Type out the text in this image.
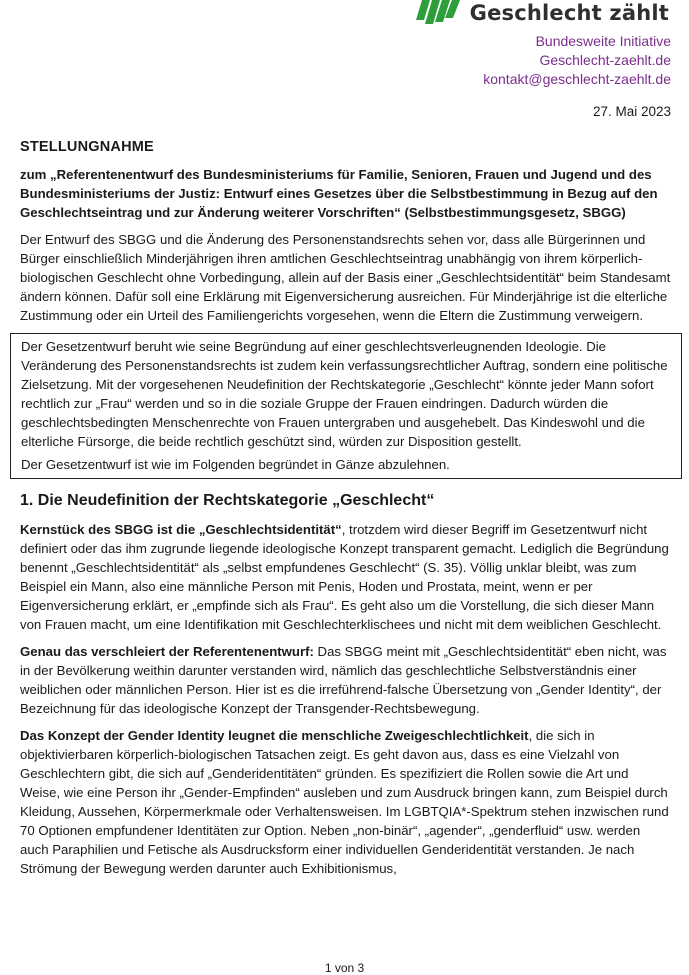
Geschlecht zählt
Bundesweite Initiative
Geschlecht-zaehlt.de
kontakt@geschlecht-zaehlt.de
27. Mai 2023
STELLUNGNAHME

zum „Referentenentwurf des Bundesministeriums für Familie, Senioren, Frauen und Jugend und des Bundesministeriums der Justiz: Entwurf eines Gesetzes über die Selbstbestimmung in Bezug auf den Geschlechtseintrag und zur Änderung weiterer Vorschriften“ (Selbstbestimmungsgesetz, SBGG)

Der Entwurf des SBGG und die Änderung des Personenstandsrechts sehen vor, dass alle Bürgerinnen und Bürger einschließlich Minderjährigen ihren amtlichen Geschlechtseintrag unabhängig von ihrem körperlich-biologischen Geschlecht ohne Vorbedingung, allein auf der Basis einer „Geschlechtsidentität“ beim Standesamt ändern können. Dafür soll eine Erklärung mit Eigenversicherung ausreichen. Für Minderjährige ist die elterliche Zustimmung oder ein Urteil des Familiengerichts vorgesehen, wenn die Eltern die Zustimmung verweigern.

Der Gesetzentwurf beruht wie seine Begründung auf einer geschlechtsverleugnenden Ideologie. Die Veränderung des Personenstandsrechts ist zudem kein verfassungsrechtlicher Auftrag, sondern eine politische Zielsetzung. Mit der vorgesehenen Neudefinition der Rechtskategorie „Geschlecht“ könnte jeder Mann sofort rechtlich zur „Frau“ werden und so in die soziale Gruppe der Frauen eindringen. Dadurch würden die geschlechtsbedingten Menschenrechte von Frauen untergraben und ausgehebelt. Das Kindeswohl und die elterliche Fürsorge, die beide rechtlich geschützt sind, würden zur Disposition gestellt.

Der Gesetzentwurf ist wie im Folgenden begründet in Gänze abzulehnen.

1. Die Neudefinition der Rechtskategorie „Geschlecht“

Kernstück des SBGG ist die „Geschlechtsidentität“, trotzdem wird dieser Begriff im Gesetzentwurf nicht definiert oder das ihm zugrunde liegende ideologische Konzept transparent gemacht. Lediglich die Begründung benennt „Geschlechtsidentität“ als „selbst empfundenes Geschlecht“ (S. 35). Völlig unklar bleibt, was zum Beispiel ein Mann, also eine männliche Person mit Penis, Hoden und Prostata, meint, wenn er per Eigenversicherung erklärt, er „empfinde sich als Frau“. Es geht also um die Vorstellung, die sich dieser Mann von Frauen macht, um eine Identifikation mit Geschlechterklischees und nicht mit dem weiblichen Geschlecht.

Genau das verschleiert der Referentenentwurf: Das SBGG meint mit „Geschlechtsidentität“ eben nicht, was in der Bevölkerung weithin darunter verstanden wird, nämlich das geschlechtliche Selbstverständnis einer weiblichen oder männlichen Person. Hier ist es die irreführend-falsche Übersetzung von „Gender Identity“, der Bezeichnung für das ideologische Konzept der Transgender-Rechtsbewegung.

Das Konzept der Gender Identity leugnet die menschliche Zweigeschlechtlichkeit, die sich in objektivierbaren körperlich-biologischen Tatsachen zeigt. Es geht davon aus, dass es eine Vielzahl von Geschlechtern gibt, die sich auf „Genderidentitäten“ gründen. Es spezifiziert die Rollen sowie die Art und Weise, wie eine Person ihr „Gender-Empfinden“ ausleben und zum Ausdruck bringen kann, zum Beispiel durch Kleidung, Aussehen, Körpermerkmale oder Verhaltensweisen. Im LGBTQIA*-Spektrum stehen inzwischen rund 70 Optionen empfundener Identitäten zur Option. Neben „non-binär“, „agender“, „genderfluid“ usw. werden auch Paraphilien und Fetische als Ausdrucksform einer individuellen Genderidentität verstanden. Je nach Strömung der Bewegung werden darunter auch Exhibitionismus,

1 von 3
